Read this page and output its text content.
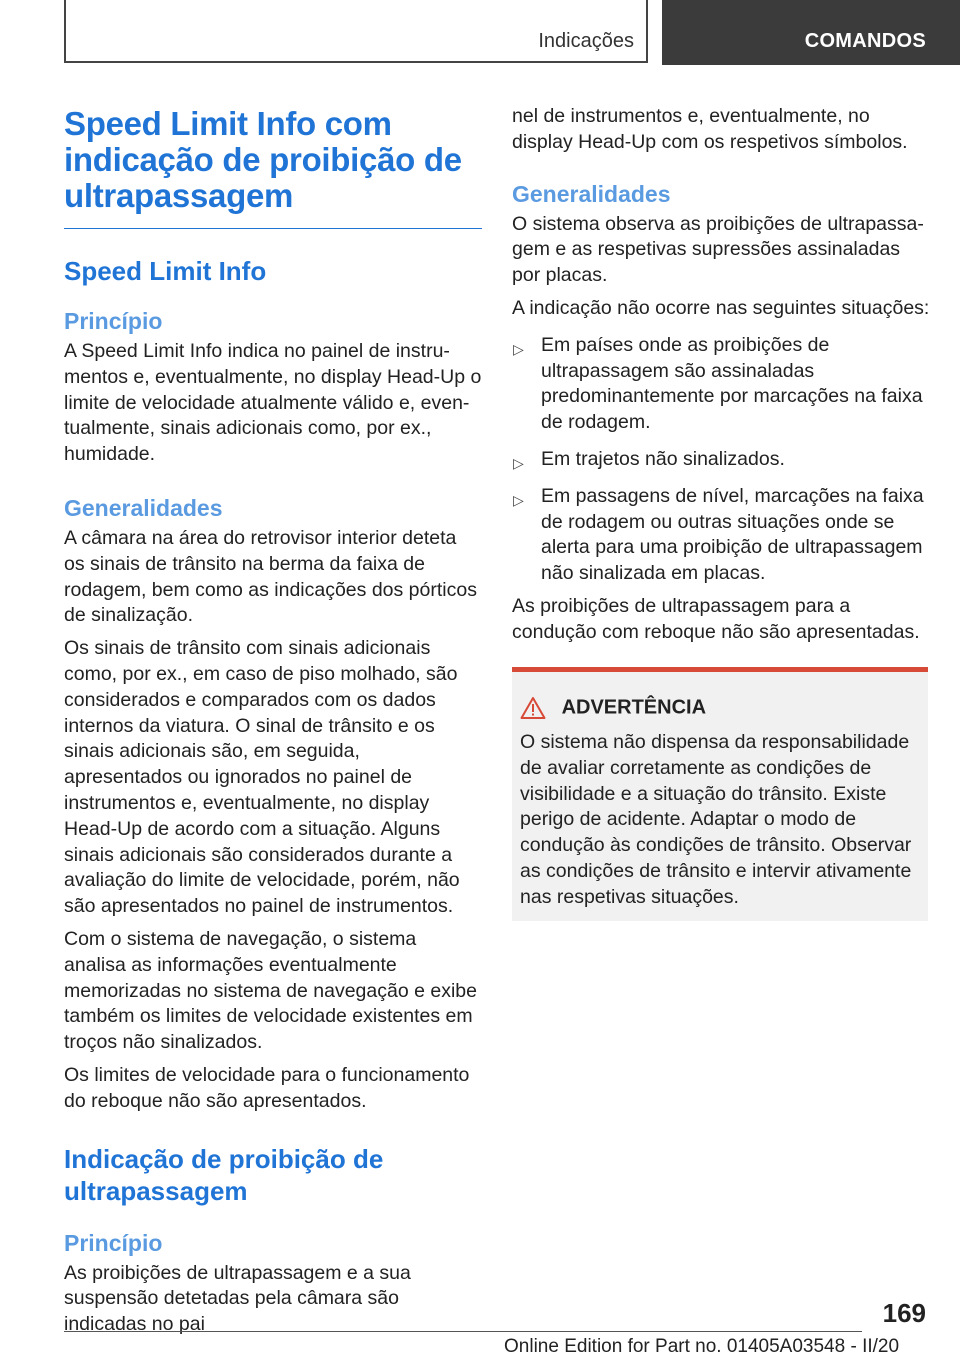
Indicações	COMANDOS
Speed Limit Info com indicação de proibição de ultrapassagem
Speed Limit Info
Princípio

A Speed Limit Info indica no painel de instrumentos e, eventualmente, no display Head-Up o limite de velocidade atualmente válido e, eventualmente, sinais adicionais como, por ex., humidade.

Generalidades

A câmara na área do retrovisor interior deteta os sinais de trânsito na berma da faixa de rodagem, bem como as indicações dos pórticos de sinalização.

Os sinais de trânsito com sinais adicionais como, por ex., em caso de piso molhado, são considerados e comparados com os dados internos da viatura. O sinal de trânsito e os sinais adicionais são, em seguida, apresentados ou ignorados no painel de instrumentos e, eventualmente, no display Head-Up de acordo com a situação. Alguns sinais adicionais são considerados durante a avaliação do limite de velocidade, porém, não são apresentados no painel de instrumentos.

Com o sistema de navegação, o sistema analisa as informações eventualmente memorizadas no sistema de navegação e exibe também os limites de velocidade existentes em troços não sinalizados.

Os limites de velocidade para o funcionamento do reboque não são apresentados.

Indicação de proibição de ultrapassagem
Princípio

As proibições de ultrapassagem e a sua suspensão detetadas pela câmara são indicadas no pai

nel de instrumentos e, eventualmente, no display Head-Up com os respetivos símbolos.

Generalidades

O sistema observa as proibições de ultrapassagem e as respetivas supressões assinaladas por placas.

A indicação não ocorre nas seguintes situações:

▷ Em países onde as proibições de ultrapassagem são assinaladas predominantemente por marcações na faixa de rodagem.
▷ Em trajetos não sinalizados.
▷ Em passagens de nível, marcações na faixa de rodagem ou outras situações onde se alerta para uma proibição de ultrapassagem não sinalizada em placas.

As proibições de ultrapassagem para a condução com reboque não são apresentadas.

ADVERTÊNCIA
O sistema não dispensa da responsabilidade de avaliar corretamente as condições de visibilidade e a situação do trânsito. Existe perigo de acidente. Adaptar o modo de condução às condições de trânsito. Observar as condições de trânsito e intervir ativamente nas respetivas situações.
169
Online Edition for Part no. 01405A03548 - II/20
